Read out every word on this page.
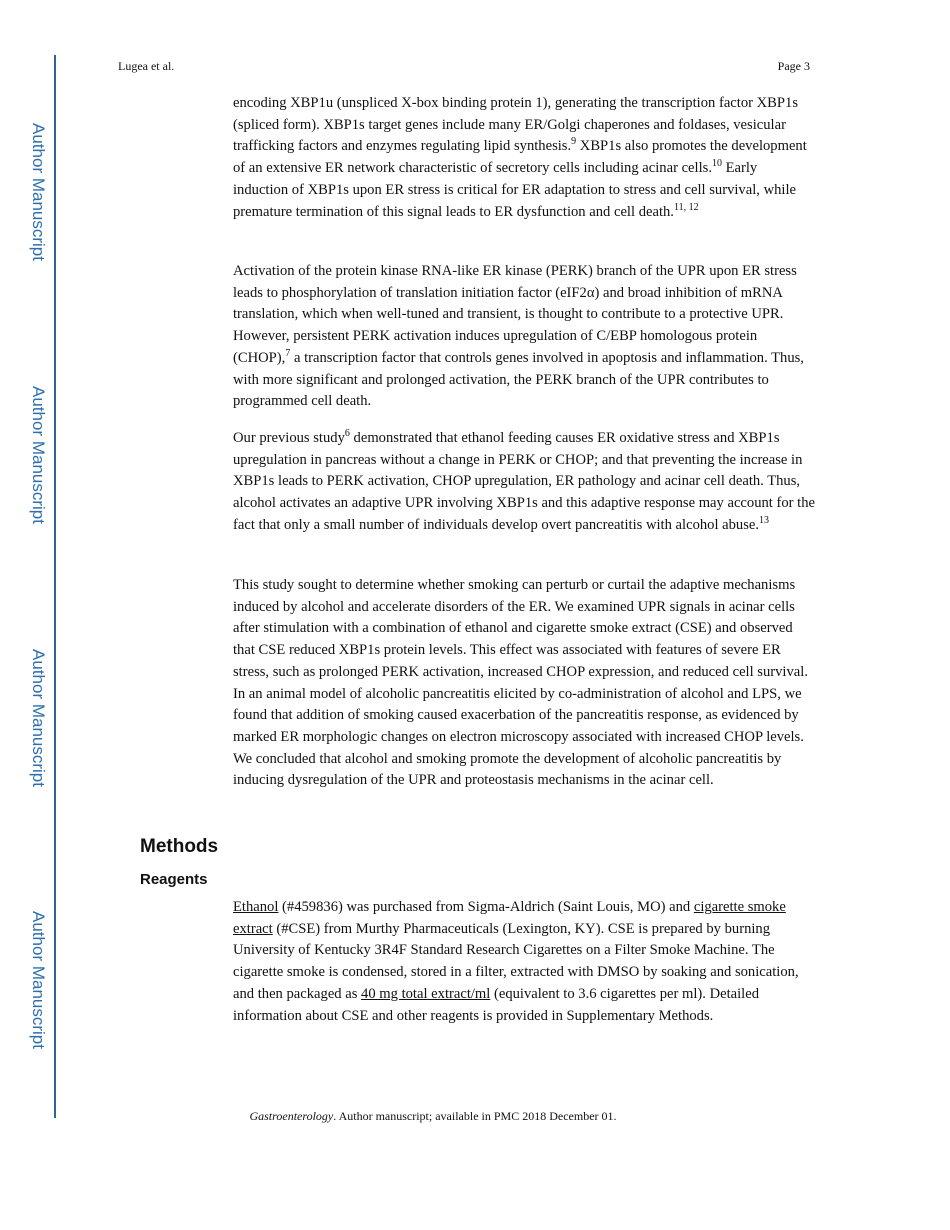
Author Manuscript
Author Manuscript
Author Manuscript
Author Manuscript
Lugea et al.	Page 3

encoding XBP1u (unspliced X-box binding protein 1), generating the transcription factor XBP1s (spliced form). XBP1s target genes include many ER/Golgi chaperones and foldases, vesicular trafficking factors and enzymes regulating lipid synthesis.$^9$ XBP1s also promotes the development of an extensive ER network characteristic of secretory cells including acinar cells.$^{10}$ Early induction of XBP1s upon ER stress is critical for ER adaptation to stress and cell survival, while premature termination of this signal leads to ER dysfunction and cell death.$^{11, 12}$

Activation of the protein kinase RNA-like ER kinase (PERK) branch of the UPR upon ER stress leads to phosphorylation of translation initiation factor (eIF2α) and broad inhibition of mRNA translation, which when well-tuned and transient, is thought to contribute to a protective UPR. However, persistent PERK activation induces upregulation of C/EBP homologous protein (CHOP),$^7$ a transcription factor that controls genes involved in apoptosis and inflammation. Thus, with more significant and prolonged activation, the PERK branch of the UPR contributes to programmed cell death.

Our previous study$^6$ demonstrated that ethanol feeding causes ER oxidative stress and XBP1s upregulation in pancreas without a change in PERK or CHOP; and that preventing the increase in XBP1s leads to PERK activation, CHOP upregulation, ER pathology and acinar cell death. Thus, alcohol activates an adaptive UPR involving XBP1s and this adaptive response may account for the fact that only a small number of individuals develop overt pancreatitis with alcohol abuse.$^{13}$

This study sought to determine whether smoking can perturb or curtail the adaptive mechanisms induced by alcohol and accelerate disorders of the ER. We examined UPR signals in acinar cells after stimulation with a combination of ethanol and cigarette smoke extract (CSE) and observed that CSE reduced XBP1s protein levels. This effect was associated with features of severe ER stress, such as prolonged PERK activation, increased CHOP expression, and reduced cell survival. In an animal model of alcoholic pancreatitis elicited by co-administration of alcohol and LPS, we found that addition of smoking caused exacerbation of the pancreatitis response, as evidenced by marked ER morphologic changes on electron microscopy associated with increased CHOP levels. We concluded that alcohol and smoking promote the development of alcoholic pancreatitis by inducing dysregulation of the UPR and proteostasis mechanisms in the acinar cell.

Methods
Reagents

Ethanol (#459836) was purchased from Sigma-Aldrich (Saint Louis, MO) and cigarette smoke extract (#CSE) from Murthy Pharmaceuticals (Lexington, KY). CSE is prepared by burning University of Kentucky 3R4F Standard Research Cigarettes on a Filter Smoke Machine. The cigarette smoke is condensed, stored in a filter, extracted with DMSO by soaking and sonication, and then packaged as 40 mg total extract/ml (equivalent to 3.6 cigarettes per ml). Detailed information about CSE and other reagents is provided in Supplementary Methods.

Gastroenterology. Author manuscript; available in PMC 2018 December 01.
